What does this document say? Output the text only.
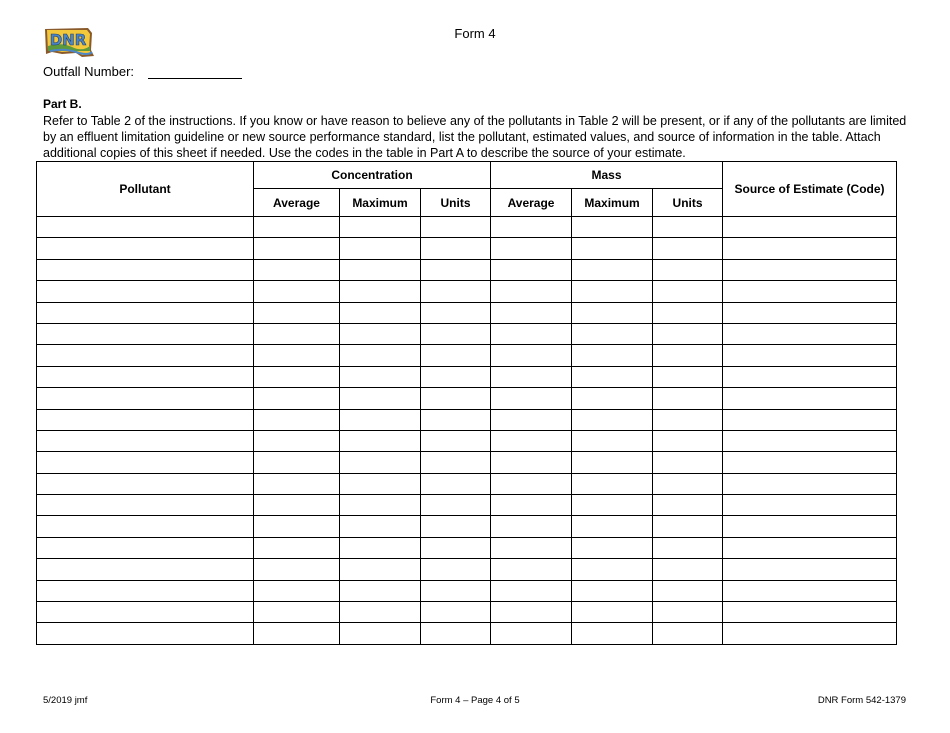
DNR	Form 4
Outfall Number:
Part B.
Refer to Table 2 of the instructions. If you know or have reason to believe any of the pollutants in Table 2 will be present, or if any of the pollutants are limited by an effluent limitation guideline or new source performance standard, list the pollutant, estimated values, and source of information in the table. Attach additional copies of this sheet if needed. Use the codes in the table in Part A to describe the source of your estimate.
Pollutant	Concentration			Mass			Source of Estimate (Code)
	Average	Maximum	Units	Average	Maximum	Units	

5/2019 jmf	Form 4 – Page 4 of 5	DNR Form 542-1379
